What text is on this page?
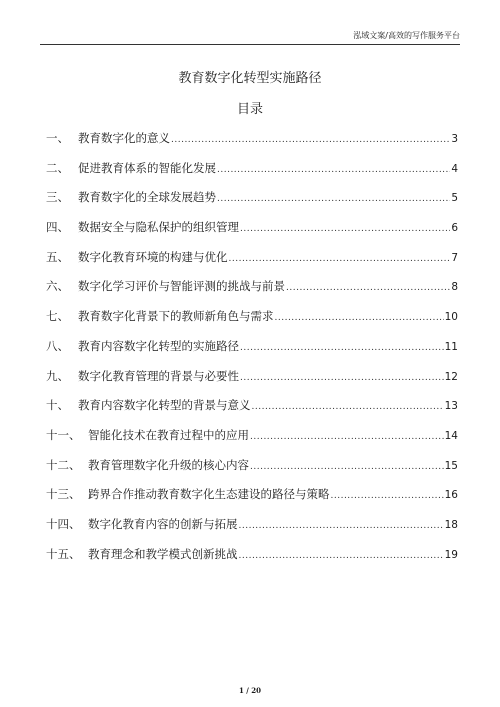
泓域文案/高效的写作服务平台
教育数字化转型实施路径
目录
一、 教育数字化的意义 .....	3
二、 促进教育体系的智能化发展 .....	4
三、 教育数字化的全球发展趋势 .....	5
四、 数据安全与隐私保护的组织管理 .....	6
五、 数字化教育环境的构建与优化 .....	7
六、 数字化学习评价与智能评测的挑战与前景 .....	8
七、 教育数字化背景下的教师新角色与需求 .....	10
八、 教育内容数字化转型的实施路径 .....	11
九、 数字化教育管理的背景与必要性 .....	12
十、 教育内容数字化转型的背景与意义 .....	13
十一、 智能化技术在教育过程中的应用 .....	14
十二、 教育管理数字化升级的核心内容 .....	15
十三、 跨界合作推动教育数字化生态建设的路径与策略 .....	16
十四、 数字化教育内容的创新与拓展 .....	18
十五、 教育理念和教学模式创新挑战 .....	19
1 / 20
